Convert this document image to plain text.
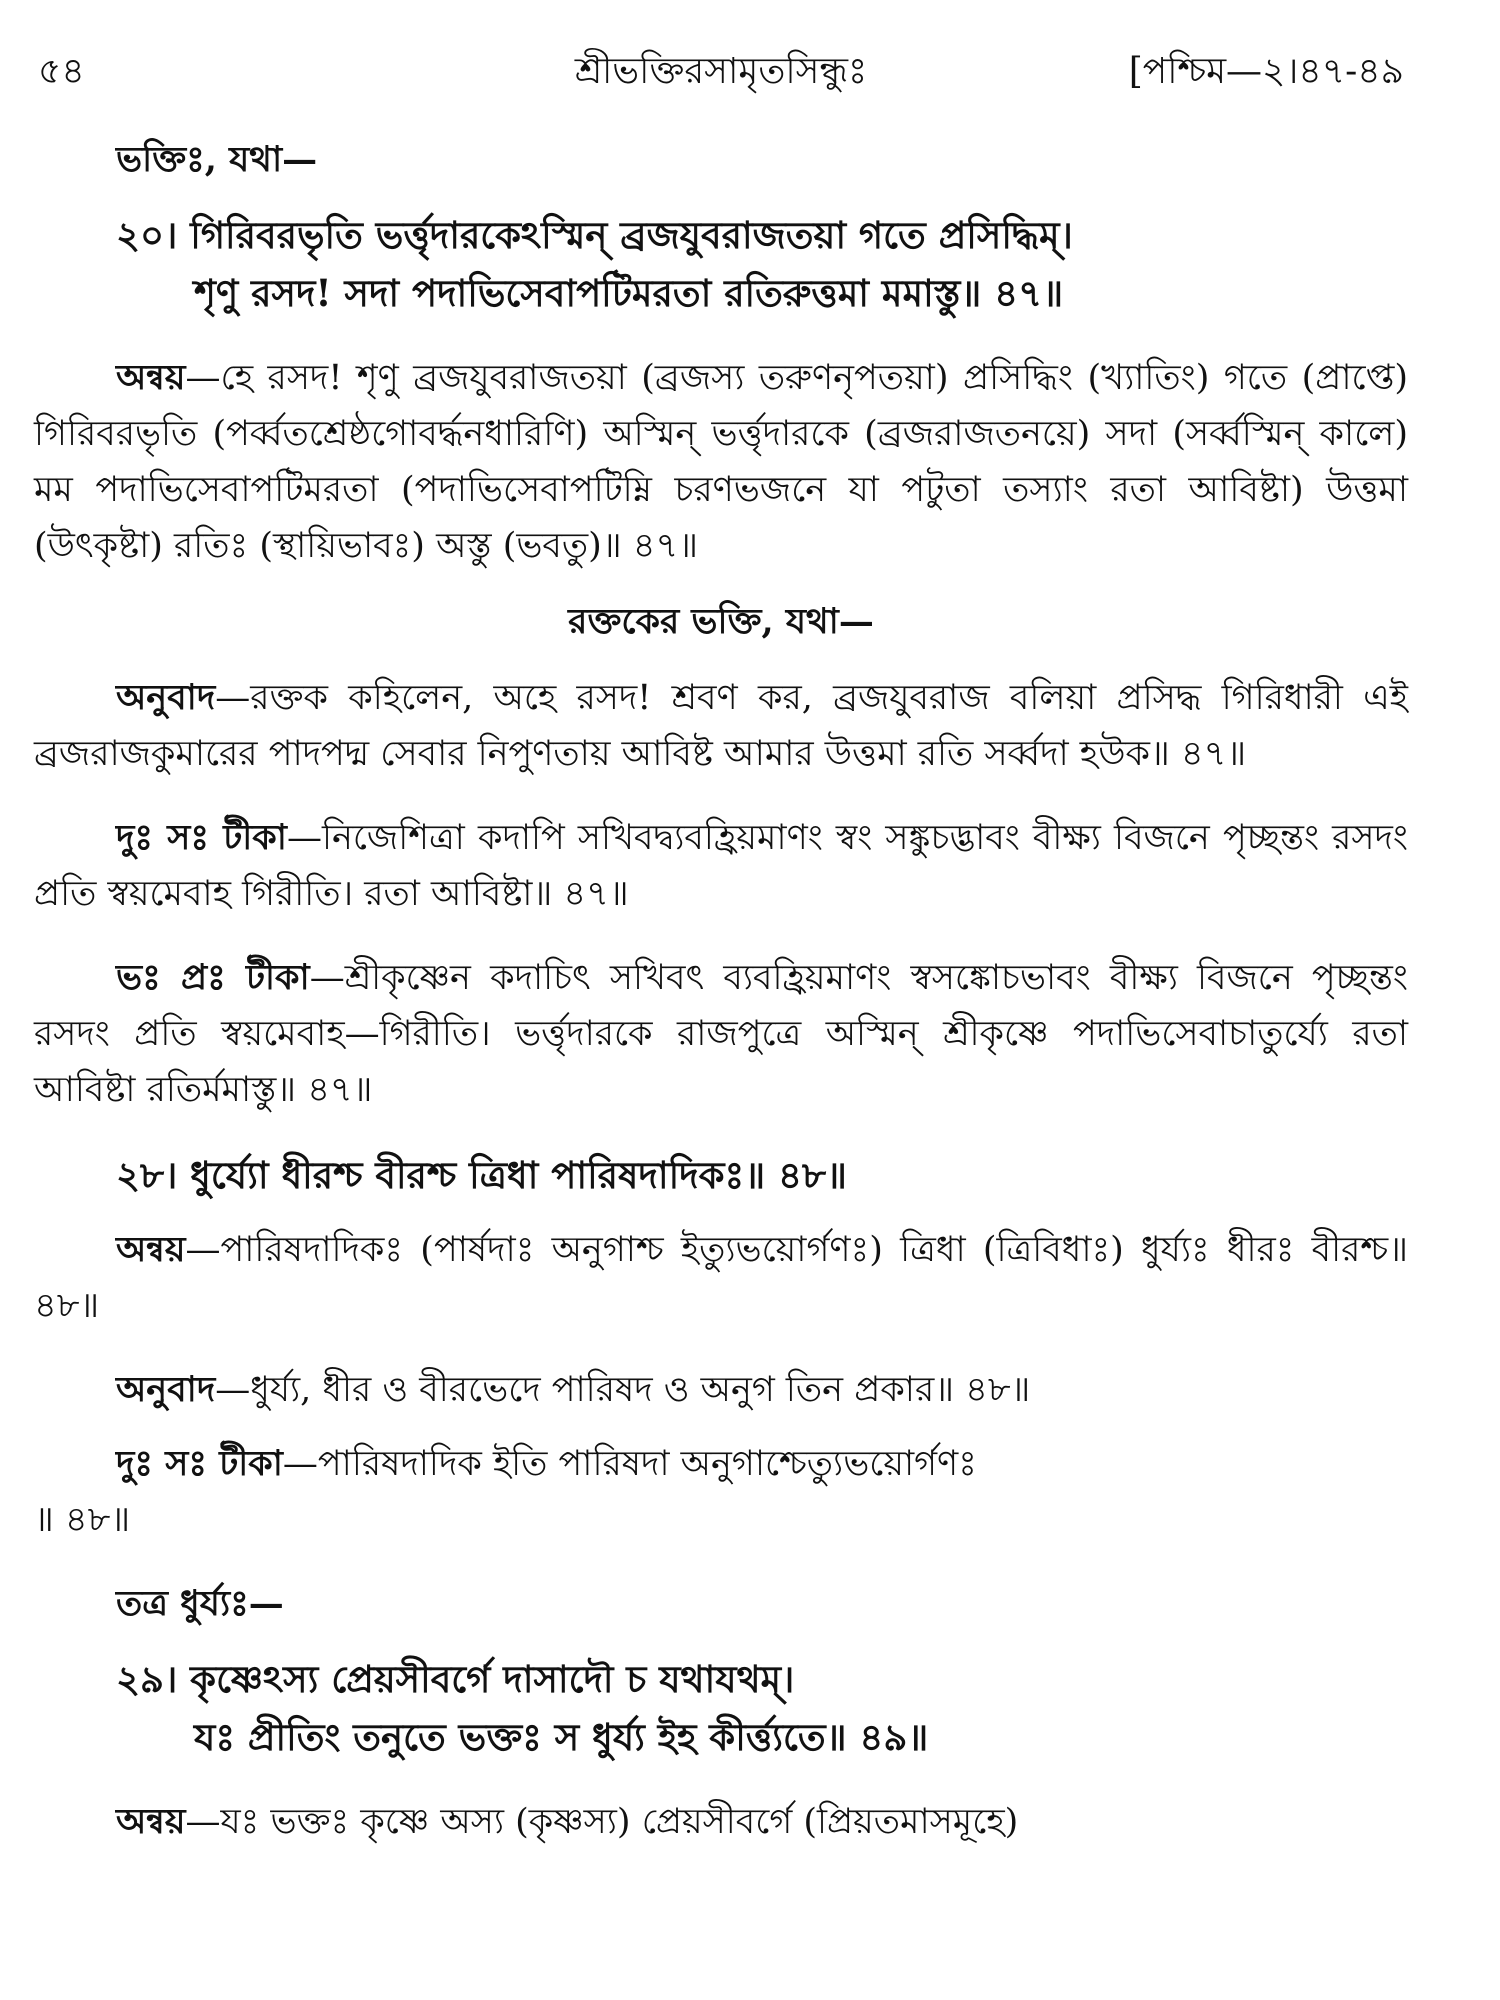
৫৪	শ্রীভক্তিরসামৃতসিন্ধুঃ	[পশ্চিম—২।৪৭-৪৯

ভক্তিঃ, যথা—

২০। গিরিবরভৃতি ভর্ত্তৃদারকেঽস্মিন্ ব্রজযুবরাজতয়া গতে প্রসিদ্ধিম্।
শৃণু রসদ! সদা পদাভিসেবাপটিমরতা রতিরুত্তমা মমাস্তু॥ ৪৭॥

অন্বয়—হে রসদ! শৃণু ব্রজযুবরাজতয়া (ব্রজস্য তরুণনৃপতয়া) প্রসিদ্ধিং (খ্যাতিং) গতে (প্রাপ্তে) গিরিবরভৃতি (পর্ব্বতশ্রেষ্ঠগোবর্দ্ধনধারিণি) অস্মিন্ ভর্ত্তৃদারকে (ব্রজরাজতনয়ে) সদা (সর্ব্বস্মিন্ কালে) মম পদাভিসেবাপটিমরতা (পদাভিসেবাপটিম্নি চরণভজনে যা পটুতা তস্যাং রতা আবিষ্টা) উত্তমা (উৎকৃষ্টা) রতিঃ (স্থায়িভাবঃ) অস্তু (ভবতু)॥ ৪৭॥

রক্তকের ভক্তি, যথা—

অনুবাদ—রক্তক কহিলেন, অহে রসদ! শ্রবণ কর, ব্রজযুবরাজ বলিয়া প্রসিদ্ধ গিরিধারী এই ব্রজরাজকুমারের পাদপদ্ম সেবার নিপুণতায় আবিষ্ট আমার উত্তমা রতি সর্ব্বদা হউক॥ ৪৭॥

দুঃ সঃ টীকা—নিজেশিত্রা কদাপি সখিবদ্ব্যবহ্রিয়মাণং স্বং সঙ্কুচদ্ভাবং বীক্ষ্য বিজনে পৃচ্ছন্তং রসদং প্রতি স্বয়মেবাহ গিরীতি। রতা আবিষ্টা॥ ৪৭॥

ভঃ প্রঃ টীকা—শ্রীকৃষ্ণেন কদাচিৎ সখিবৎ ব্যবহ্রিয়মাণং স্বসঙ্কোচভাবং বীক্ষ্য বিজনে পৃচ্ছন্তং রসদং প্রতি স্বয়মেবাহ—গিরীতি। ভর্ত্তৃদারকে রাজপুত্রে অস্মিন্ শ্রীকৃষ্ণে পদাভিসেবাচাতুর্য্যে রতা আবিষ্টা রতির্মমাস্তু॥ ৪৭॥

২৮। ধুর্য্যো ধীরশ্চ বীরশ্চ ত্রিধা পারিষদাদিকঃ॥ ৪৮॥

অন্বয়—পারিষদাদিকঃ (পার্ষদাঃ অনুগাশ্চ ইত্যুভয়োর্গণঃ) ত্রিধা (ত্রিবিধাঃ) ধুর্য্যঃ ধীরঃ বীরশ্চ॥ ৪৮॥

অনুবাদ—ধুর্য্য, ধীর ও বীরভেদে পারিষদ ও অনুগ তিন প্রকার॥ ৪৮॥

দুঃ সঃ টীকা—পারিষদাদিক ইতি পারিষদা অনুগাশ্চেত্যুভয়োর্গণঃ

॥ ৪৮॥

তত্র ধুর্য্যঃ—

২৯। কৃষ্ণেঽস্য প্রেয়সীবর্গে দাসাদৌ চ যথাযথম্।
যঃ প্রীতিং তনুতে ভক্তঃ স ধুর্য্য ইহ কীর্ত্ত্যতে॥ ৪৯॥

অন্বয়—যঃ ভক্তঃ কৃষ্ণে অস্য (কৃষ্ণস্য) প্রেয়সীবর্গে (প্রিয়তমাসমূহে)
